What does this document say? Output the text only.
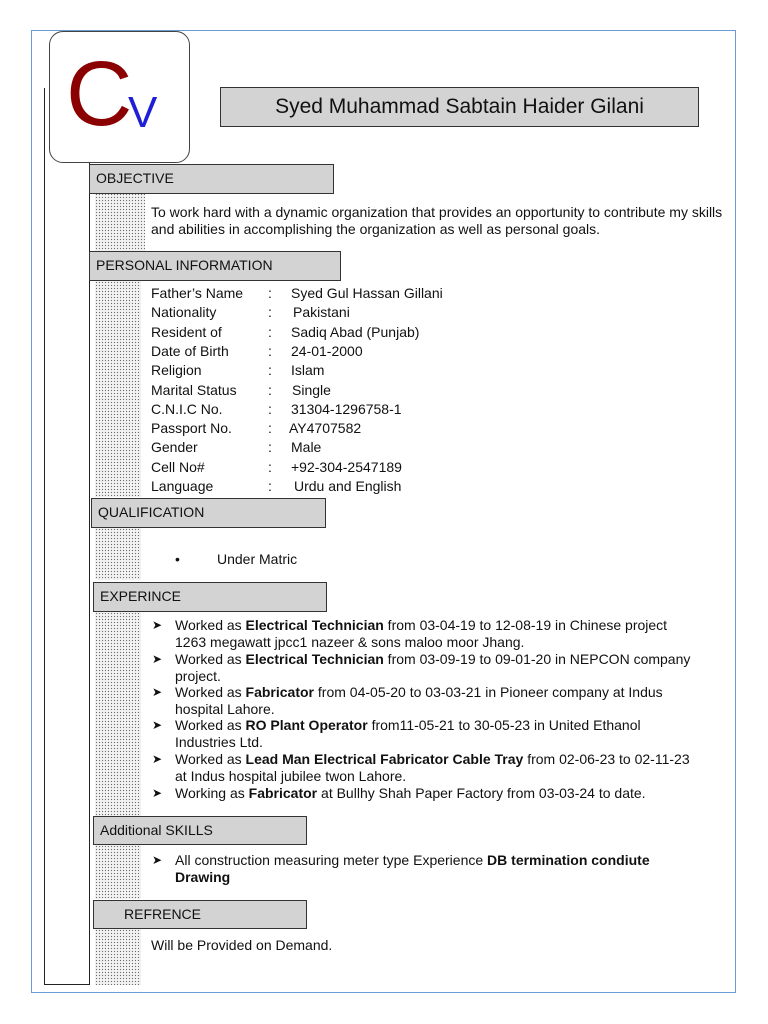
C
V	Syed Muhammad Sabtain Haider Gilani
OBJECTIVE
To work hard with a dynamic organization that provides an opportunity to contribute my skills and abilities in accomplishing the organization as well as personal goals.
PERSONAL INFORMATION
Father’s Name	: Syed Gul Hassan Gillani
Nationality	: Pakistani
Resident of	: Sadiq Abad (Punjab)
Date of Birth	: 24-01-2000
Religion	: Islam
Marital Status	: Single
C.N.I.C No.	: 31304-1296758-1
Passport No.	: AY4707582
Gender	: Male
Cell No#	: +92-304-2547189
Language	: Urdu and English
QUALIFICATION
•	Under Matric
EXPERINCE
➤ Worked as Electrical Technician from 03-04-19 to 12-08-19 in Chinese project 1263 megawatt jpcc1 nazeer & sons maloo moor Jhang.
➤ Worked as Electrical Technician from 03-09-19 to 09-01-20 in NEPCON company project.
➤ Worked as Fabricator from 04-05-20 to 03-03-21 in Pioneer company at Indus hospital Lahore.
➤ Worked as RO Plant Operator from11-05-21 to 30-05-23 in United Ethanol Industries Ltd.
➤ Worked as Lead Man Electrical Fabricator Cable Tray from 02-06-23 to 02-11-23 at Indus hospital jubilee twon Lahore.
➤ Working as Fabricator at Bullhy Shah Paper Factory from 03-03-24 to date.
Additional SKILLS
➤ All construction measuring meter type Experience DB termination condiute Drawing
REFRENCE
Will be Provided on Demand.
